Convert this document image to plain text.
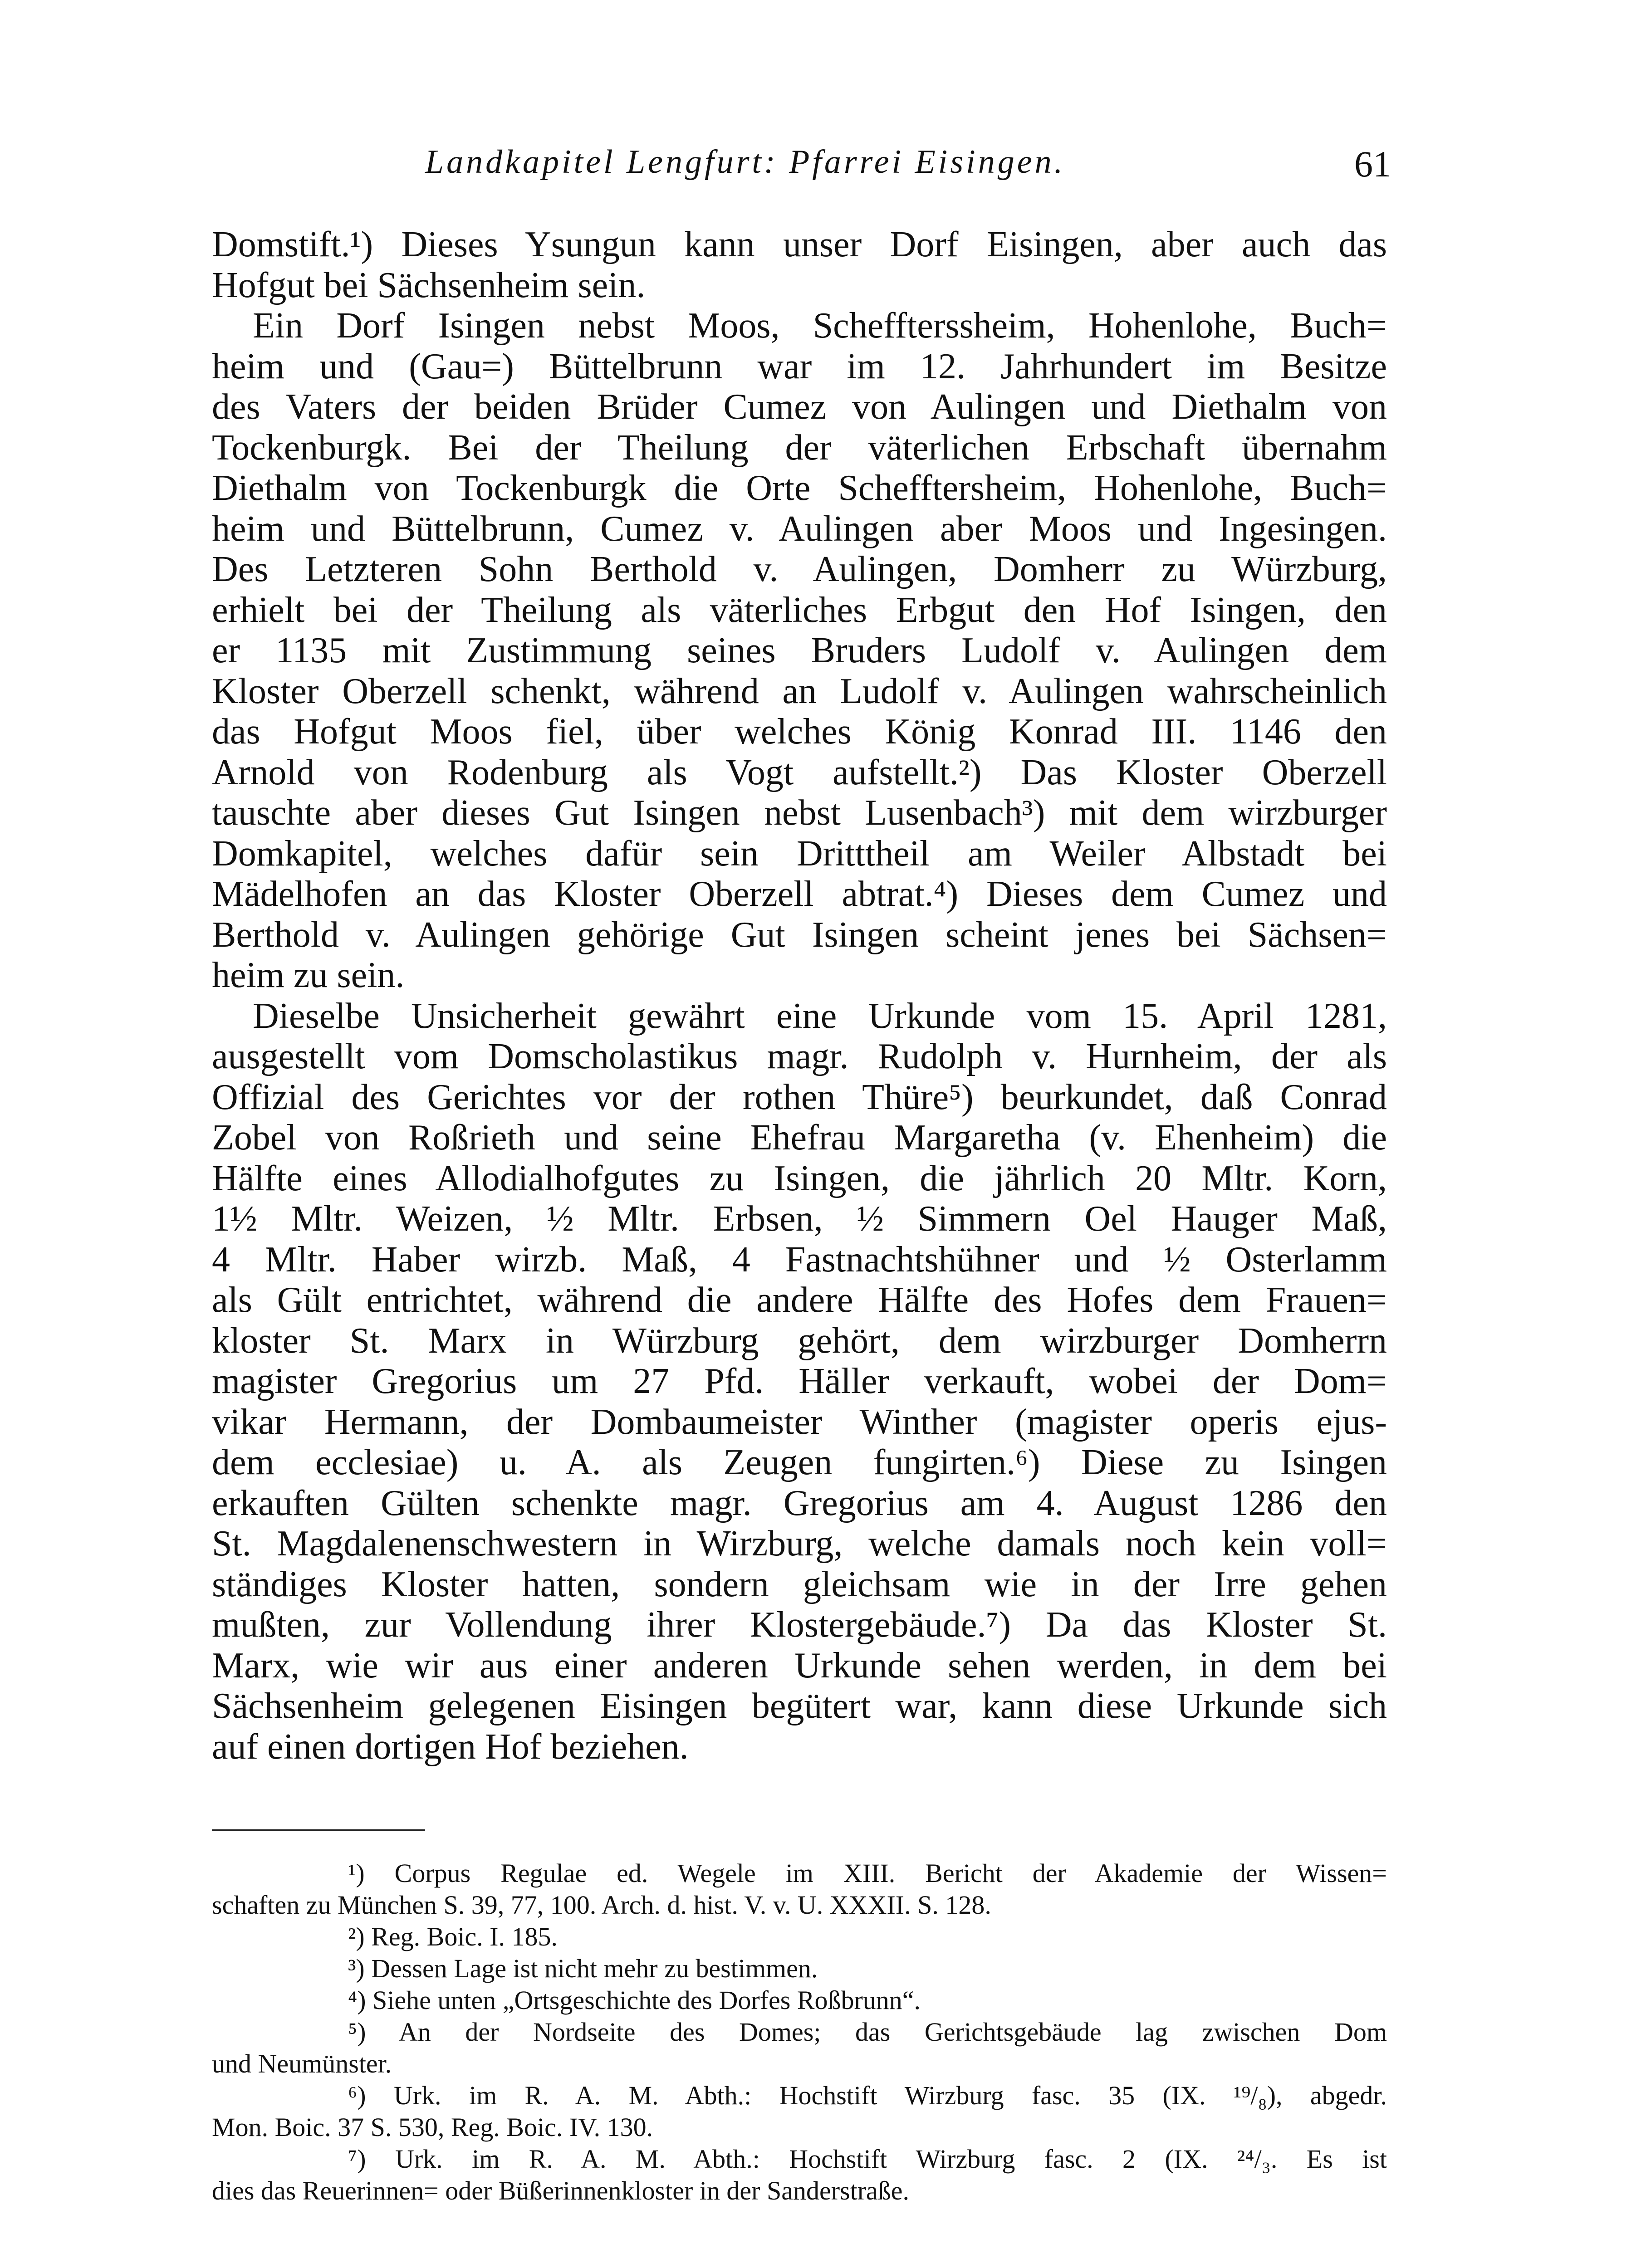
Landkapitel Lengfurt: Pfarrei Eisingen.	61
Domstift.¹) Dieses Ysungun kann unser Dorf Eisingen, aber auch das
Hofgut bei Sächsenheim sein.
Ein Dorf Isingen nebst Moos, Scheffterssheim, Hohenlohe, Buch=
heim und (Gau=) Büttelbrunn war im 12. Jahrhundert im Besitze
des Vaters der beiden Brüder Cumez von Aulingen und Diethalm von
Tockenburgk. Bei der Theilung der väterlichen Erbschaft übernahm
Diethalm von Tockenburgk die Orte Schefftersheim, Hohenlohe, Buch=
heim und Büttelbrunn, Cumez v. Aulingen aber Moos und Ingesingen.
Des Letzteren Sohn Berthold v. Aulingen, Domherr zu Würzburg,
erhielt bei der Theilung als väterliches Erbgut den Hof Isingen, den
er 1135 mit Zustimmung seines Bruders Ludolf v. Aulingen dem
Kloster Oberzell schenkt, während an Ludolf v. Aulingen wahrscheinlich
das Hofgut Moos fiel, über welches König Konrad III. 1146 den
Arnold von Rodenburg als Vogt aufstellt.²) Das Kloster Oberzell
tauschte aber dieses Gut Isingen nebst Lusenbach³) mit dem wirzburger
Domkapitel, welches dafür sein Dritttheil am Weiler Albstadt bei
Mädelhofen an das Kloster Oberzell abtrat.⁴) Dieses dem Cumez und
Berthold v. Aulingen gehörige Gut Isingen scheint jenes bei Sächsen=
heim zu sein.
Dieselbe Unsicherheit gewährt eine Urkunde vom 15. April 1281,
ausgestellt vom Domscholastikus magr. Rudolph v. Hurnheim, der als
Offizial des Gerichtes vor der rothen Thüre⁵) beurkundet, daß Conrad
Zobel von Roßrieth und seine Ehefrau Margaretha (v. Ehenheim) die
Hälfte eines Allodialhofgutes zu Isingen, die jährlich 20 Mltr. Korn,
1½ Mltr. Weizen, ½ Mltr. Erbsen, ½ Simmern Oel Hauger Maß,
4 Mltr. Haber wirzb. Maß, 4 Fastnachtshühner und ½ Osterlamm
als Gült entrichtet, während die andere Hälfte des Hofes dem Frauen=
kloster St. Marx in Würzburg gehört, dem wirzburger Domherrn
magister Gregorius um 27 Pfd. Häller verkauft, wobei der Dom=
vikar Hermann, der Dombaumeister Winther (magister operis ejus-
dem ecclesiae) u. A. als Zeugen fungirten.⁶) Diese zu Isingen
erkauften Gülten schenkte magr. Gregorius am 4. August 1286 den
St. Magdalenenschwestern in Wirzburg, welche damals noch kein voll=
ständiges Kloster hatten, sondern gleichsam wie in der Irre gehen
mußten, zur Vollendung ihrer Klostergebäude.⁷) Da das Kloster St.
Marx, wie wir aus einer anderen Urkunde sehen werden, in dem bei
Sächsenheim gelegenen Eisingen begütert war, kann diese Urkunde sich
auf einen dortigen Hof beziehen.
¹) Corpus Regulae ed. Wegele im XIII. Bericht der Akademie der Wissen=
schaften zu München S. 39, 77, 100. Arch. d. hist. V. v. U. XXXII. S. 128.
²) Reg. Boic. I. 185.
³) Dessen Lage ist nicht mehr zu bestimmen.
⁴) Siehe unten „Ortsgeschichte des Dorfes Roßbrunn“.
⁵) An der Nordseite des Domes; das Gerichtsgebäude lag zwischen Dom
und Neumünster.
⁶) Urk. im R. A. M. Abth.: Hochstift Wirzburg fasc. 35 (IX. ¹⁹/₈), abgedr.
Mon. Boic. 37 S. 530, Reg. Boic. IV. 130.
⁷) Urk. im R. A. M. Abth.: Hochstift Wirzburg fasc. 2 (IX. ²⁴/₃. Es ist
dies das Reuerinnen= oder Büßerinnenkloster in der Sanderstraße.
